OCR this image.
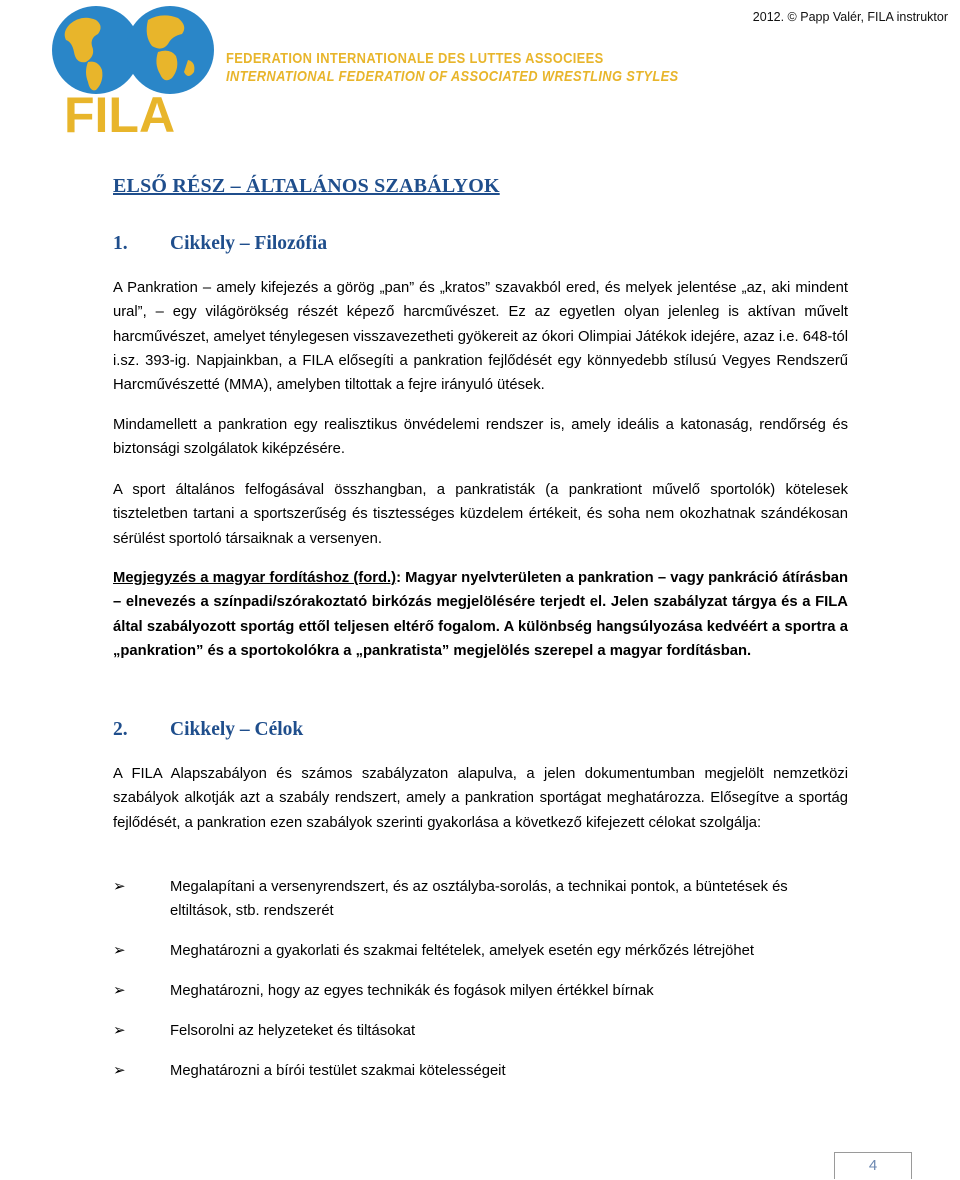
2012. © Papp Valér, FILA instruktor
FILA
FEDERATION INTERNATIONALE DES LUTTES ASSOCIEES
INTERNATIONAL FEDERATION OF ASSOCIATED WRESTLING STYLES
ELSŐ RÉSZ – ÁLTALÁNOS SZABÁLYOK
1. Cikkely – Filozófia

A Pankration – amely kifejezés a görög „pan” és „kratos” szavakból ered, és melyek jelentése „az, aki mindent ural”, – egy világörökség részét képező harcművészet. Ez az egyetlen olyan jelenleg is aktívan művelt harcművészet, amelyet ténylegesen visszavezetheti gyökereit az ókori Olimpiai Játékok idejére, azaz i.e. 648-tól i.sz. 393-ig. Napjainkban, a FILA elősegíti a pankration fejlődését egy könnyedebb stílusú Vegyes Rendszerű Harcművészetté (MMA), amelyben tiltottak a fejre irányuló ütések.

Mindamellett a pankration egy realisztikus önvédelemi rendszer is, amely ideális a katonaság, rendőrség és biztonsági szolgálatok kiképzésére.

A sport általános felfogásával összhangban, a pankratisták (a pankrationt művelő sportolók) kötelesek tiszteletben tartani a sportszerűség és tisztességes küzdelem értékeit, és soha nem okozhatnak szándékosan sérülést sportoló társaiknak a versenyen.

Megjegyzés a magyar fordításhoz (ford.): Magyar nyelvterületen a pankration – vagy pankráció átírásban – elnevezés a színpadi/szórakoztató birkózás megjelölésére terjedt el. Jelen szabályzat tárgya és a FILA által szabályozott sportág ettől teljesen eltérő fogalom. A különbség hangsúlyozása kedvéért a sportra a „pankration” és a sportokolókra a „pankratista” megjelölés szerepel a magyar fordításban.

2. Cikkely – Célok

A FILA Alapszabályon és számos szabályzaton alapulva, a jelen dokumentumban megjelölt nemzetközi szabályok alkotják azt a szabály rendszert, amely a pankration sportágat meghatározza. Elősegítve a sportág fejlődését, a pankration ezen szabályok szerinti gyakorlása a következő kifejezett célokat szolgálja:

➢	Megalapítani a versenyrendszert, és az osztályba-sorolás, a technikai pontok, a büntetések és eltiltások, stb. rendszerét
➢	Meghatározni a gyakorlati és szakmai feltételek, amelyek esetén egy mérkőzés létrejöhet
➢	Meghatározni, hogy az egyes technikák és fogások milyen értékkel bírnak
➢	Felsorolni az helyzeteket és tiltásokat
➢	Meghatározni a bírói testület szakmai kötelességeit
4
